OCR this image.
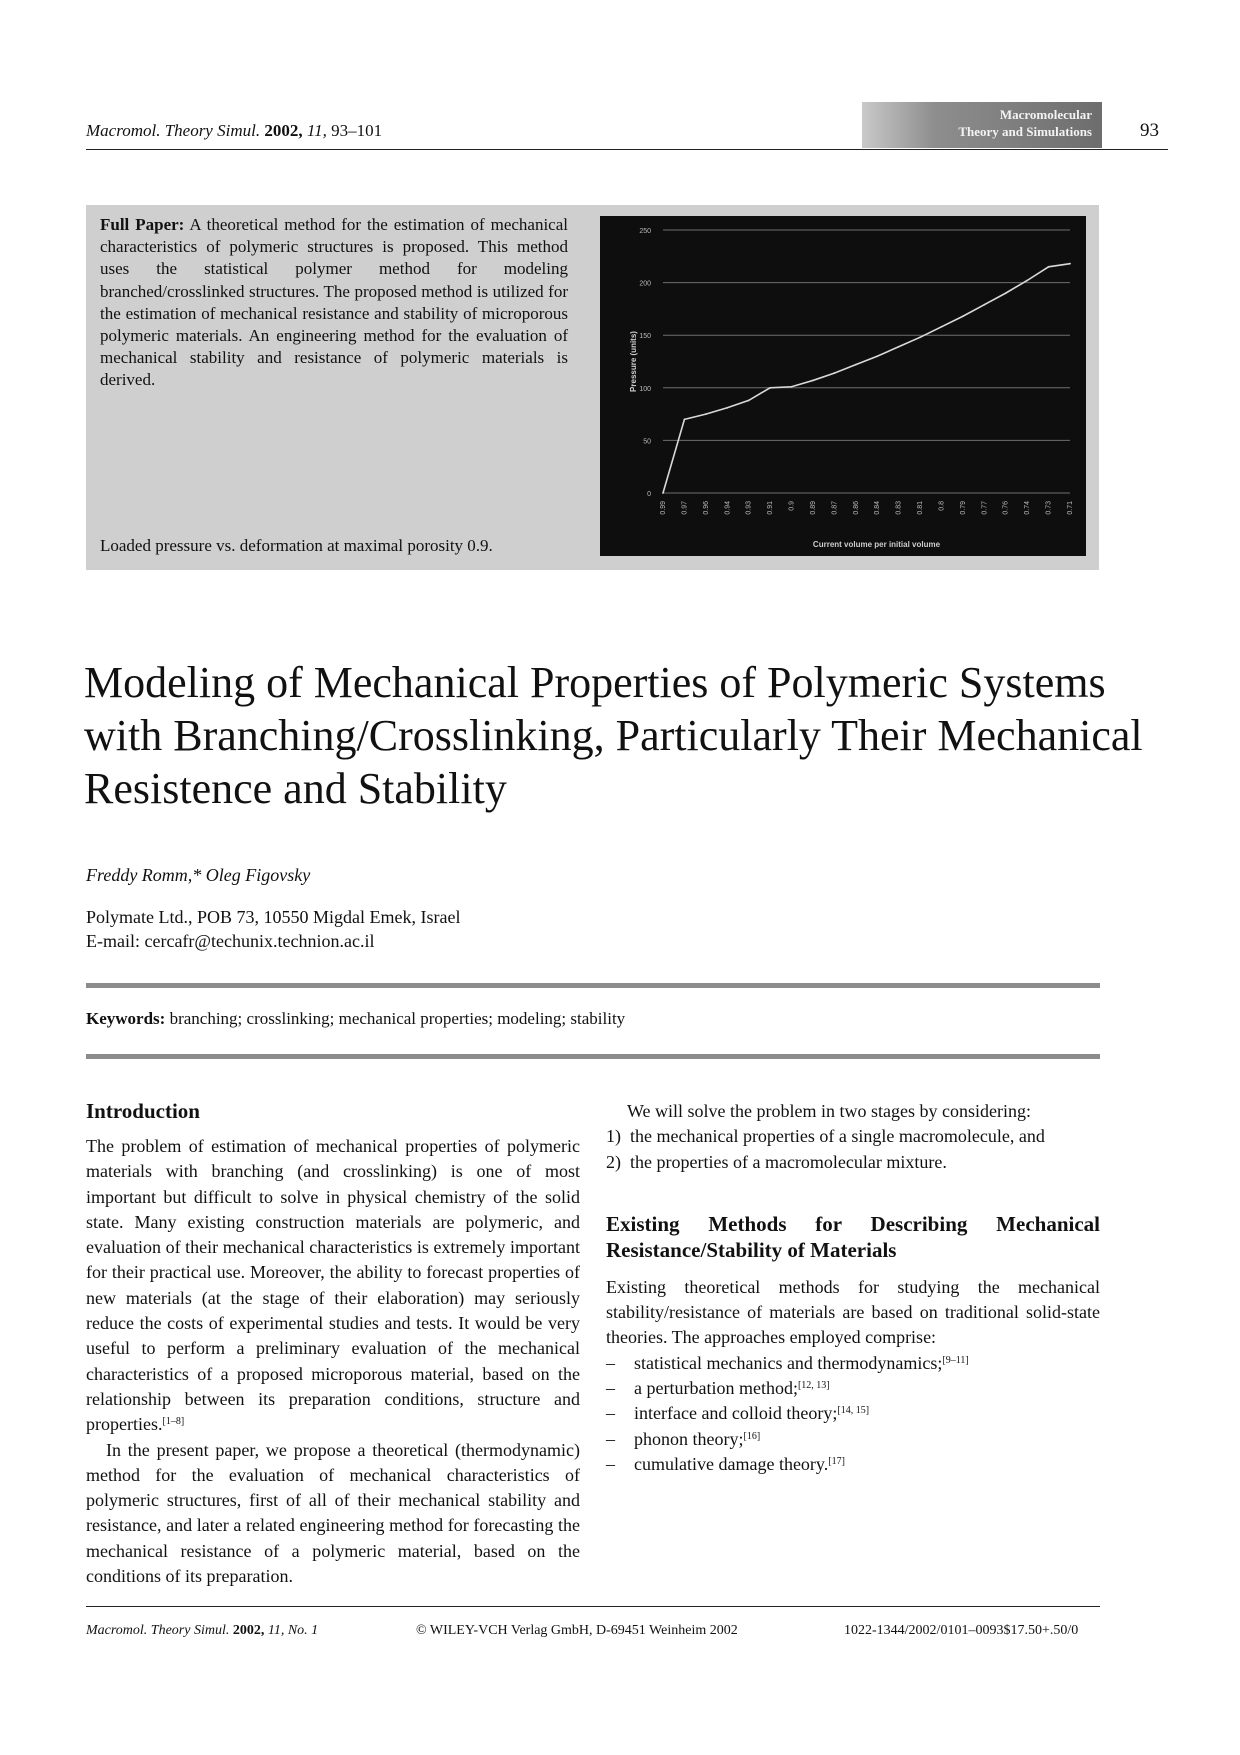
Macromol. Theory Simul. 2002, 11, 93–101
Macromolecular
Theory and Simulations	93
Full Paper: A theoretical method for the estimation of mechanical characteristics of polymeric structures is proposed. This method uses the statistical polymer method for modeling branched/crosslinked structures. The proposed method is utilized for the estimation of mechanical resistance and stability of microporous polymeric materials. An engineering method for the evaluation of mechanical stability and resistance of polymeric materials is derived.
Loaded pressure vs. deformation at maximal porosity 0.9.
0
50
100
150
200
250
0.99 0.97 0.96 0.94 0.93 0.91 0.9 0.89 0.87 0.86 0.84 0.83 0.81 0.8 0.79 0.77 0.76 0.74 0.73 0.71
Pressure (units)
Current volume per initial volume
Modeling of Mechanical Properties of Polymeric Systems with Branching/Crosslinking, Particularly Their Mechanical Resistence and Stability
Freddy Romm,* Oleg Figovsky
Polymate Ltd., POB 73, 10550 Migdal Emek, Israel
E-mail: cercafr@techunix.technion.ac.il
Keywords: branching; crosslinking; mechanical properties; modeling; stability
Introduction
The problem of estimation of mechanical properties of polymeric materials with branching (and crosslinking) is one of most important but difficult to solve in physical chemistry of the solid state. Many existing construction materials are polymeric, and evaluation of their mechanical characteristics is extremely important for their practical use. Moreover, the ability to forecast properties of new materials (at the stage of their elaboration) may seriously reduce the costs of experimental studies and tests. It would be very useful to perform a preliminary evaluation of the mechanical characteristics of a proposed microporous material, based on the relationship between its preparation conditions, structure and properties.[1–8]
In the present paper, we propose a theoretical (thermodynamic) method for the evaluation of mechanical characteristics of polymeric structures, first of all of their mechanical stability and resistance, and later a related engineering method for forecasting the mechanical resistance of a polymeric material, based on the conditions of its preparation.
We will solve the problem in two stages by considering:
1) the mechanical properties of a single macromolecule, and
2) the properties of a macromolecular mixture.
Existing Methods for Describing Mechanical Resistance/Stability of Materials
Existing theoretical methods for studying the mechanical stability/resistance of materials are based on traditional solid-state theories. The approaches employed comprise:
–	statistical mechanics and thermodynamics;[9–11]
–	a perturbation method;[12, 13]
–	interface and colloid theory;[14, 15]
–	phonon theory;[16]
–	cumulative damage theory.[17]
Macromol. Theory Simul. 2002, 11, No. 1	© WILEY-VCH Verlag GmbH, D-69451 Weinheim 2002	1022-1344/2002/0101–0093$17.50+.50/0
